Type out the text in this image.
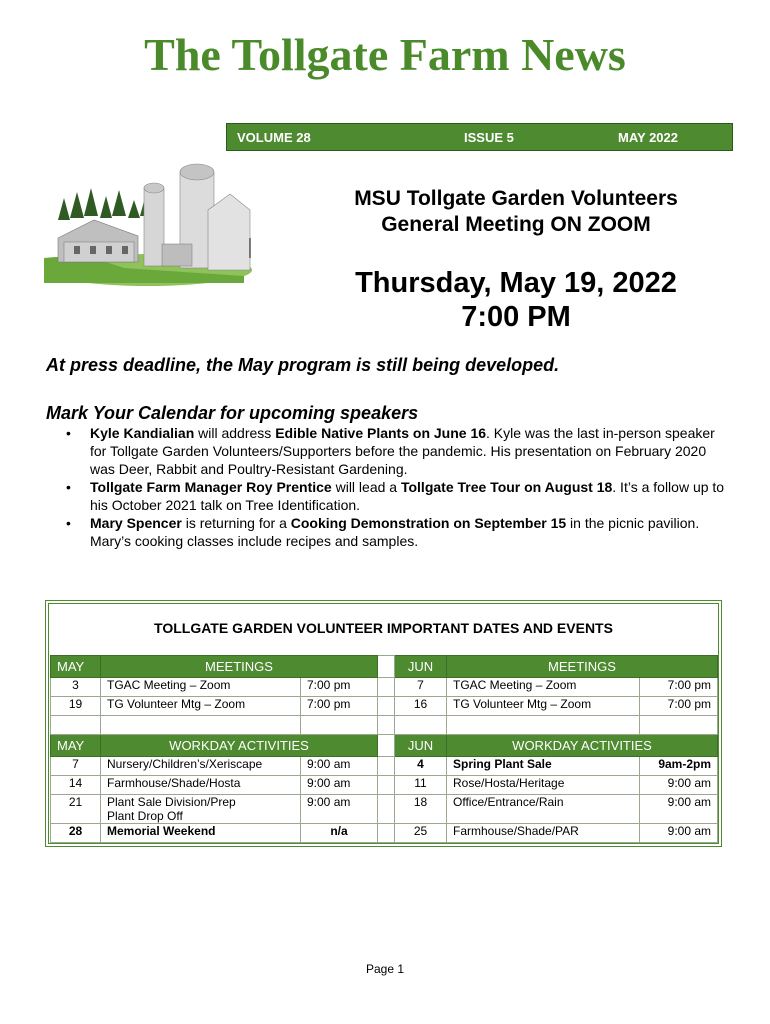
The Tollgate Farm News
VOLUME 28	ISSUE 5	MAY 2022
MSU Tollgate Garden Volunteers
General Meeting ON ZOOM
Thursday, May 19, 2022
7:00 PM
At press deadline, the May program is still being developed.
Mark Your Calendar for upcoming speakers
• Kyle Kandialian will address Edible Native Plants on June 16. Kyle was the last in-person speaker for Tollgate Garden Volunteers/Supporters before the pandemic. His presentation on February 2020 was Deer, Rabbit and Poultry-Resistant Gardening.
• Tollgate Farm Manager Roy Prentice will lead a Tollgate Tree Tour on August 18. It’s a follow up to his October 2021 talk on Tree Identification.
• Mary Spencer is returning for a Cooking Demonstration on September 15 in the picnic pavilion. Mary’s cooking classes include recipes and samples.
TOLLGATE GARDEN VOLUNTEER IMPORTANT DATES AND EVENTS
MAY	MEETINGS			JUN	MEETINGS	
3	TGAC Meeting – Zoom	7:00 pm		7	TGAC Meeting – Zoom	7:00 pm
19	TG Volunteer Mtg – Zoom	7:00 pm		16	TG Volunteer Mtg – Zoom	7:00 pm

MAY	WORKDAY ACTIVITIES			JUN	WORKDAY ACTIVITIES	
7	Nursery/Children’s/Xeriscape	9:00 am		4	Spring Plant Sale	9am-2pm
14	Farmhouse/Shade/Hosta	9:00 am		11	Rose/Hosta/Heritage	9:00 am
21	Plant Sale Division/Prep
Plant Drop Off	9:00 am		18	Office/Entrance/Rain	9:00 am
28	Memorial Weekend	n/a		25	Farmhouse/Shade/PAR	9:00 am
Page 1
